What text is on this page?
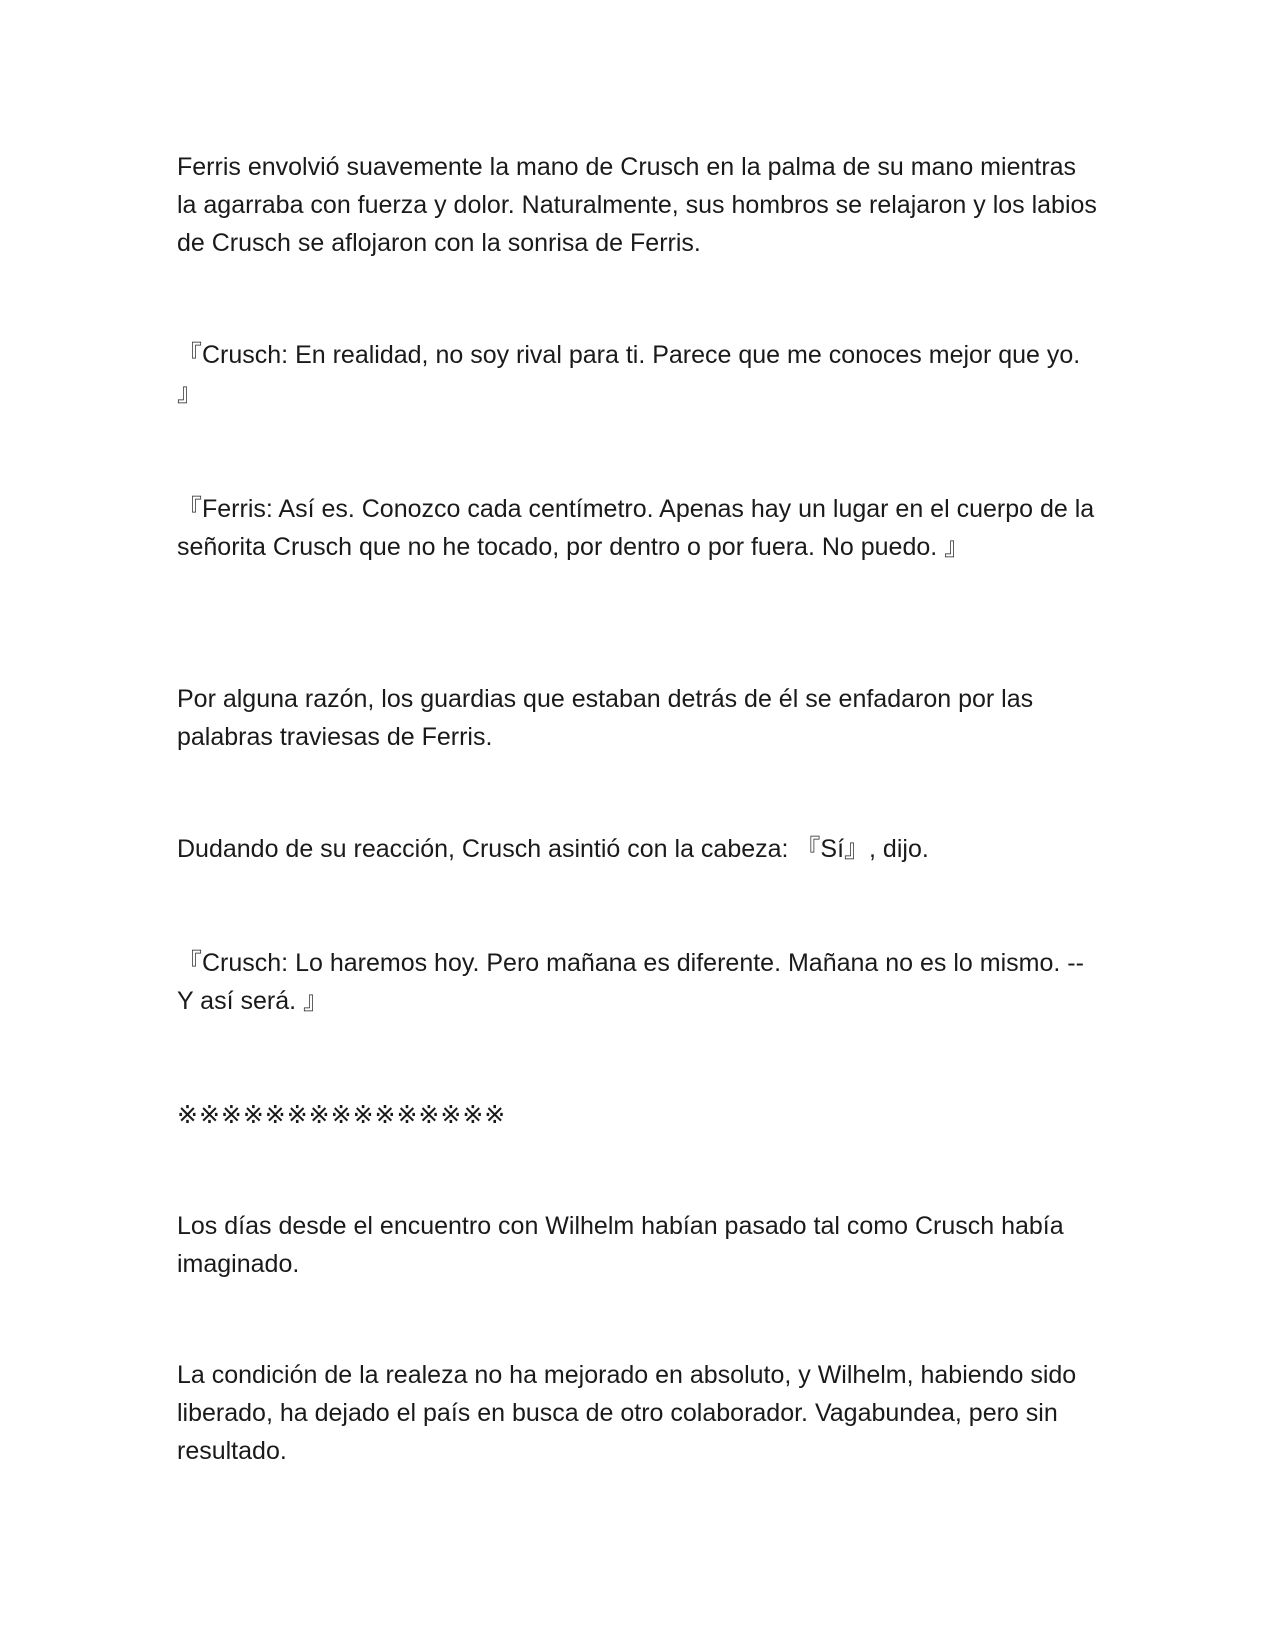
Ferris envolvió suavemente la mano de Crusch en la palma de su mano mientras la agarraba con fuerza y dolor. Naturalmente, sus hombros se relajaron y los labios de Crusch se aflojaron con la sonrisa de Ferris.

『Crusch: En realidad, no soy rival para ti. Parece que me conoces mejor que yo. 』

『Ferris: Así es. Conozco cada centímetro. Apenas hay un lugar en el cuerpo de la señorita Crusch que no he tocado, por dentro o por fuera. No puedo. 』

Por alguna razón, los guardias que estaban detrás de él se enfadaron por las palabras traviesas de Ferris.

Dudando de su reacción, Crusch asintió con la cabeza: 『Sí』, dijo.

『Crusch: Lo haremos hoy. Pero mañana es diferente. Mañana no es lo mismo. --Y así será. 』

※※※※※※※※※※※※※※※

Los días desde el encuentro con Wilhelm habían pasado tal como Crusch había imaginado.

La condición de la realeza no ha mejorado en absoluto, y Wilhelm, habiendo sido liberado, ha dejado el país en busca de otro colaborador. Vagabundea, pero sin resultado.
